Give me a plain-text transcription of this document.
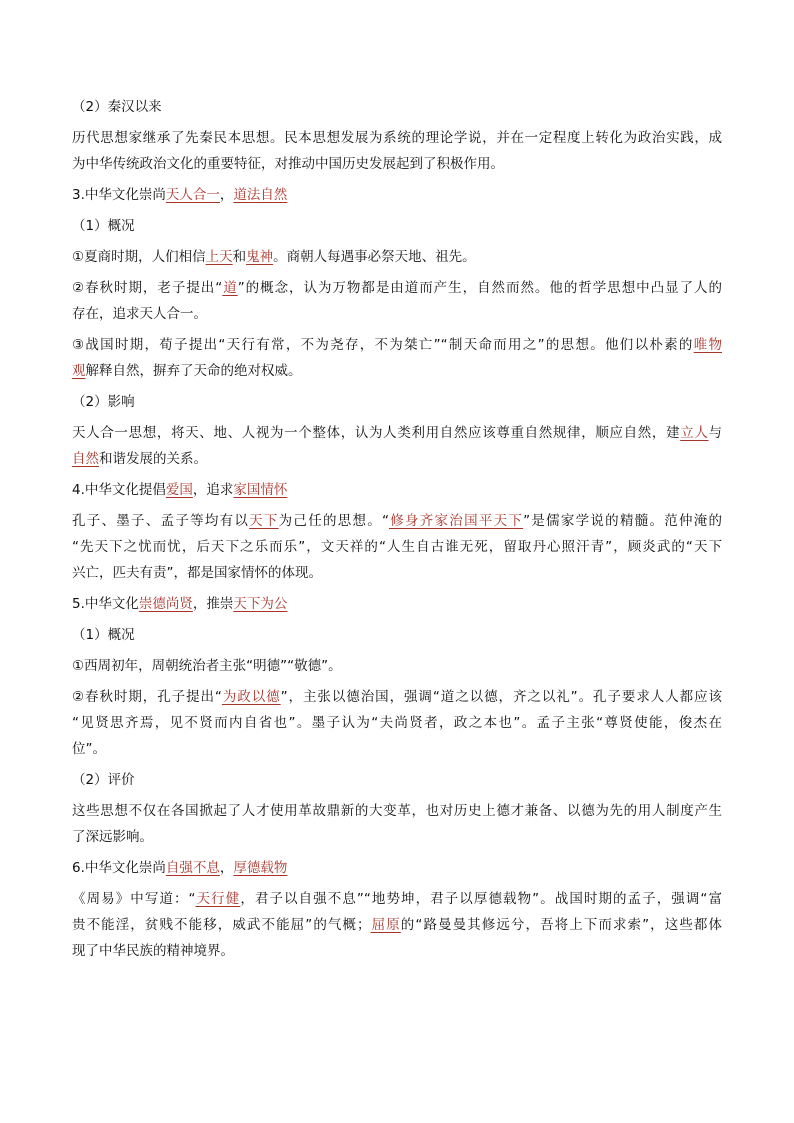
（2）秦汉以来
历代思想家继承了先秦民本思想。民本思想发展为系统的理论学说，并在一定程度上转化为政治实践，成
为中华传统政治文化的重要特征，对推动中国历史发展起到了积极作用。
3.中华文化崇尚天人合一，道法自然
（1）概况
①夏商时期，人们相信上天和鬼神。商朝人每遇事必祭天地、祖先。
②春秋时期，老子提出“道”的概念，认为万物都是由道而产生，自然而然。他的哲学思想中凸显了人的
存在，追求天人合一。
③战国时期，荀子提出“天行有常，不为尧存，不为桀亡”“制天命而用之”的思想。他们以朴素的唯物
观解释自然，摒弃了天命的绝对权威。
（2）影响
天人合一思想，将天、地、人视为一个整体，认为人类利用自然应该尊重自然规律，顺应自然，建立人与
自然和谐发展的关系。
4.中华文化提倡爱国，追求家国情怀
孔子、墨子、孟子等均有以天下为己任的思想。“修身齐家治国平天下”是儒家学说的精髓。范仲淹的
“先天下之忧而忧，后天下之乐而乐”，文天祥的“人生自古谁无死，留取丹心照汗青”，顾炎武的“天下
兴亡，匹夫有责”，都是国家情怀的体现。
5.中华文化崇德尚贤，推崇天下为公
（1）概况
①西周初年，周朝统治者主张“明德”“敬德”。
②春秋时期，孔子提出“为政以德”，主张以德治国，强调“道之以德，齐之以礼”。孔子要求人人都应该
“见贤思齐焉，见不贤而内自省也”。墨子认为“夫尚贤者，政之本也”。孟子主张“尊贤使能，俊杰在
位”。
（2）评价
这些思想不仅在各国掀起了人才使用革故鼎新的大变革，也对历史上德才兼备、以德为先的用人制度产生
了深远影响。
6.中华文化崇尚自强不息，厚德载物
《周易》中写道：“天行健，君子以自强不息”“地势坤，君子以厚德载物”。战国时期的孟子，强调“富
贵不能淫，贫贱不能移，威武不能屈”的气概；屈原的“路曼曼其修远兮，吾将上下而求索”，这些都体
现了中华民族的精神境界。
